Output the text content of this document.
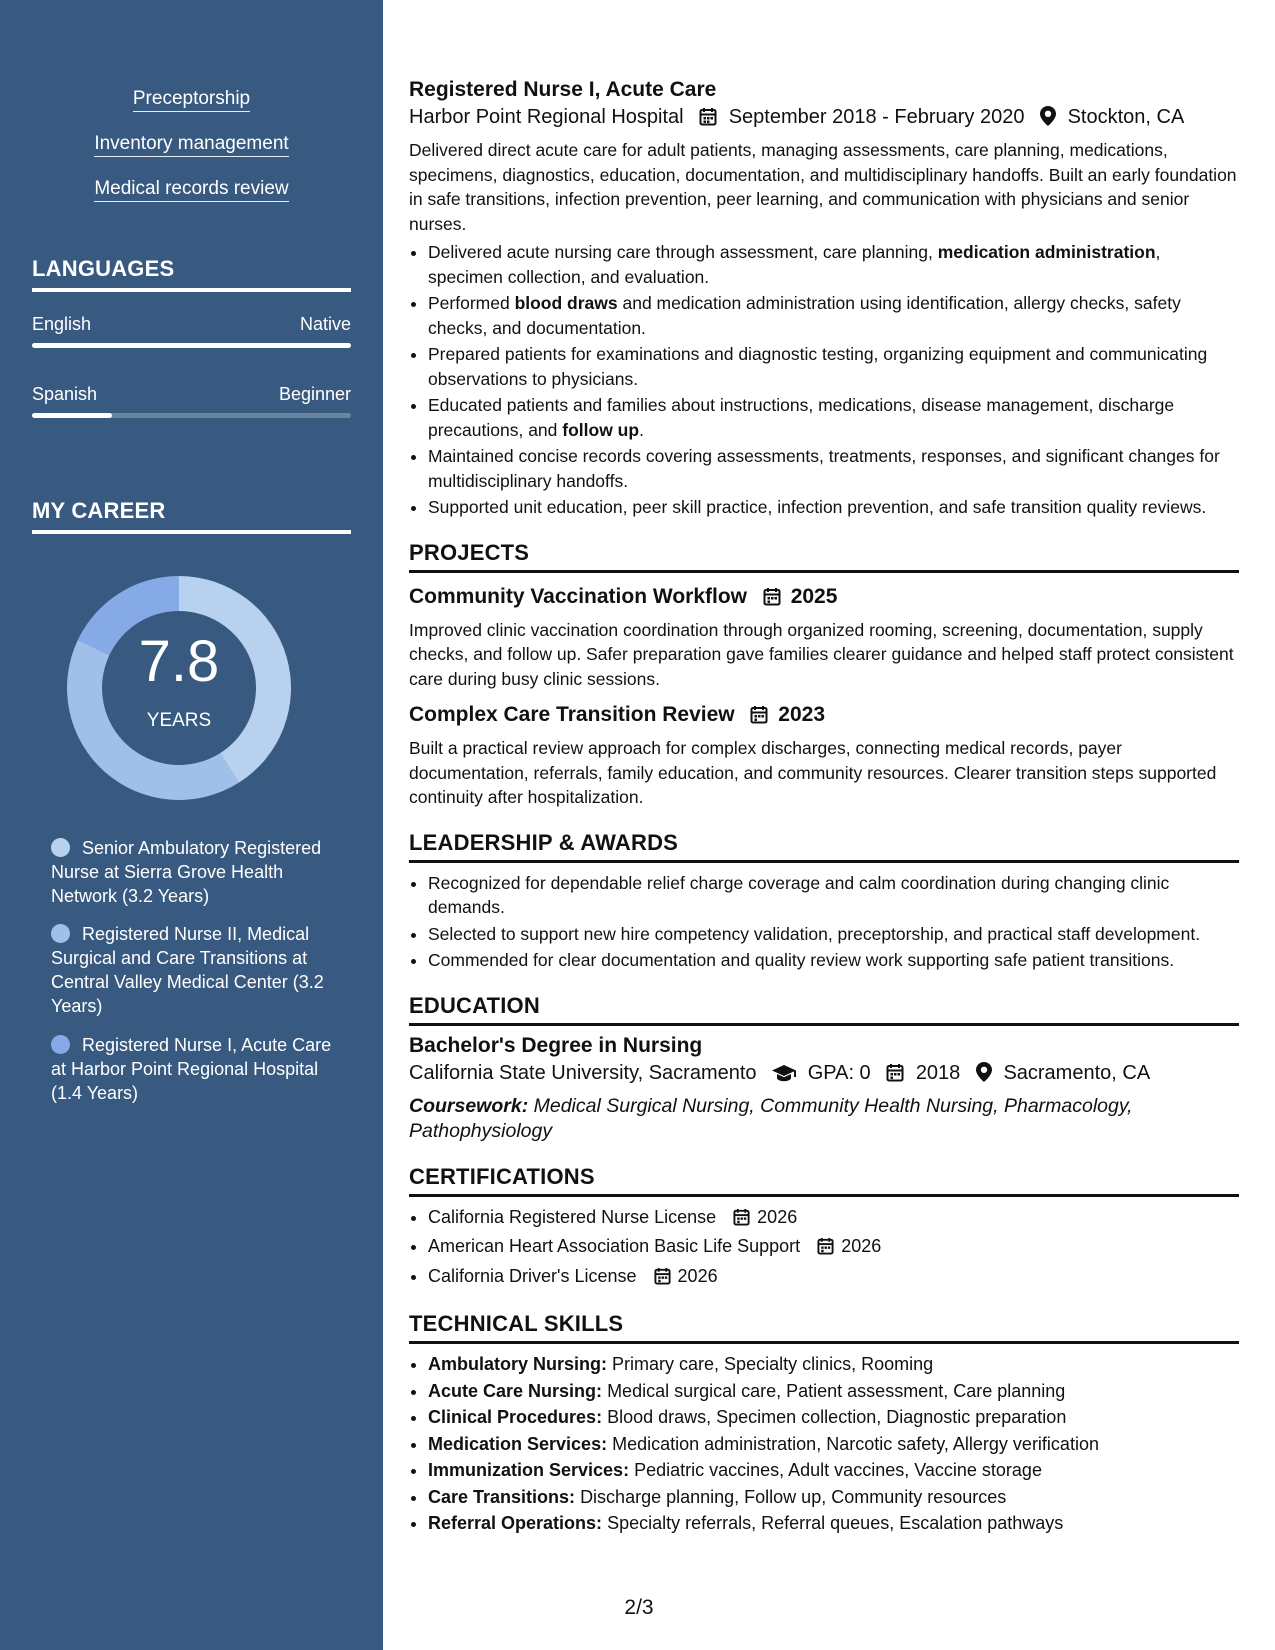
Preceptorship
Inventory management
Medical records review
LANGUAGES
English	Native
Spanish	Beginner
MY CAREER
7.8
YEARS
Senior Ambulatory Registered Nurse at Sierra Grove Health Network (3.2 Years)
Registered Nurse II, Medical Surgical and Care Transitions at Central Valley Medical Center (3.2 Years)
Registered Nurse I, Acute Care at Harbor Point Regional Hospital (1.4 Years)
Registered Nurse I, Acute Care
Harbor Point Regional Hospital September 2018 - February 2020 Stockton, CA
Delivered direct acute care for adult patients, managing assessments, care planning, medications, specimens, diagnostics, education, documentation, and multidisciplinary handoffs. Built an early foundation in safe transitions, infection prevention, peer learning, and communication with physicians and senior nurses.
• Delivered acute nursing care through assessment, care planning, medication administration, specimen collection, and evaluation.
• Performed blood draws and medication administration using identification, allergy checks, safety checks, and documentation.
• Prepared patients for examinations and diagnostic testing, organizing equipment and communicating observations to physicians.
• Educated patients and families about instructions, medications, disease management, discharge precautions, and follow up.
• Maintained concise records covering assessments, treatments, responses, and significant changes for multidisciplinary handoffs.
• Supported unit education, peer skill practice, infection prevention, and safe transition quality reviews.
PROJECTS
Community Vaccination Workflow 2025
Improved clinic vaccination coordination through organized rooming, screening, documentation, supply checks, and follow up. Safer preparation gave families clearer guidance and helped staff protect consistent care during busy clinic sessions.
Complex Care Transition Review 2023
Built a practical review approach for complex discharges, connecting medical records, payer documentation, referrals, family education, and community resources. Clearer transition steps supported continuity after hospitalization.
LEADERSHIP & AWARDS
• Recognized for dependable relief charge coverage and calm coordination during changing clinic demands.
• Selected to support new hire competency validation, preceptorship, and practical staff development.
• Commended for clear documentation and quality review work supporting safe patient transitions.
EDUCATION
Bachelor's Degree in Nursing
California State University, Sacramento	GPA: 0 2018 Sacramento, CA
Coursework: Medical Surgical Nursing, Community Health Nursing, Pharmacology, Pathophysiology
CERTIFICATIONS
• California Registered Nurse License 2026
• American Heart Association Basic Life Support 2026
• California Driver's License 2026
TECHNICAL SKILLS
• Ambulatory Nursing: Primary care, Specialty clinics, Rooming
• Acute Care Nursing: Medical surgical care, Patient assessment, Care planning
• Clinical Procedures: Blood draws, Specimen collection, Diagnostic preparation
• Medication Services: Medication administration, Narcotic safety, Allergy verification
• Immunization Services: Pediatric vaccines, Adult vaccines, Vaccine storage
• Care Transitions: Discharge planning, Follow up, Community resources
• Referral Operations: Specialty referrals, Referral queues, Escalation pathways
2/3
